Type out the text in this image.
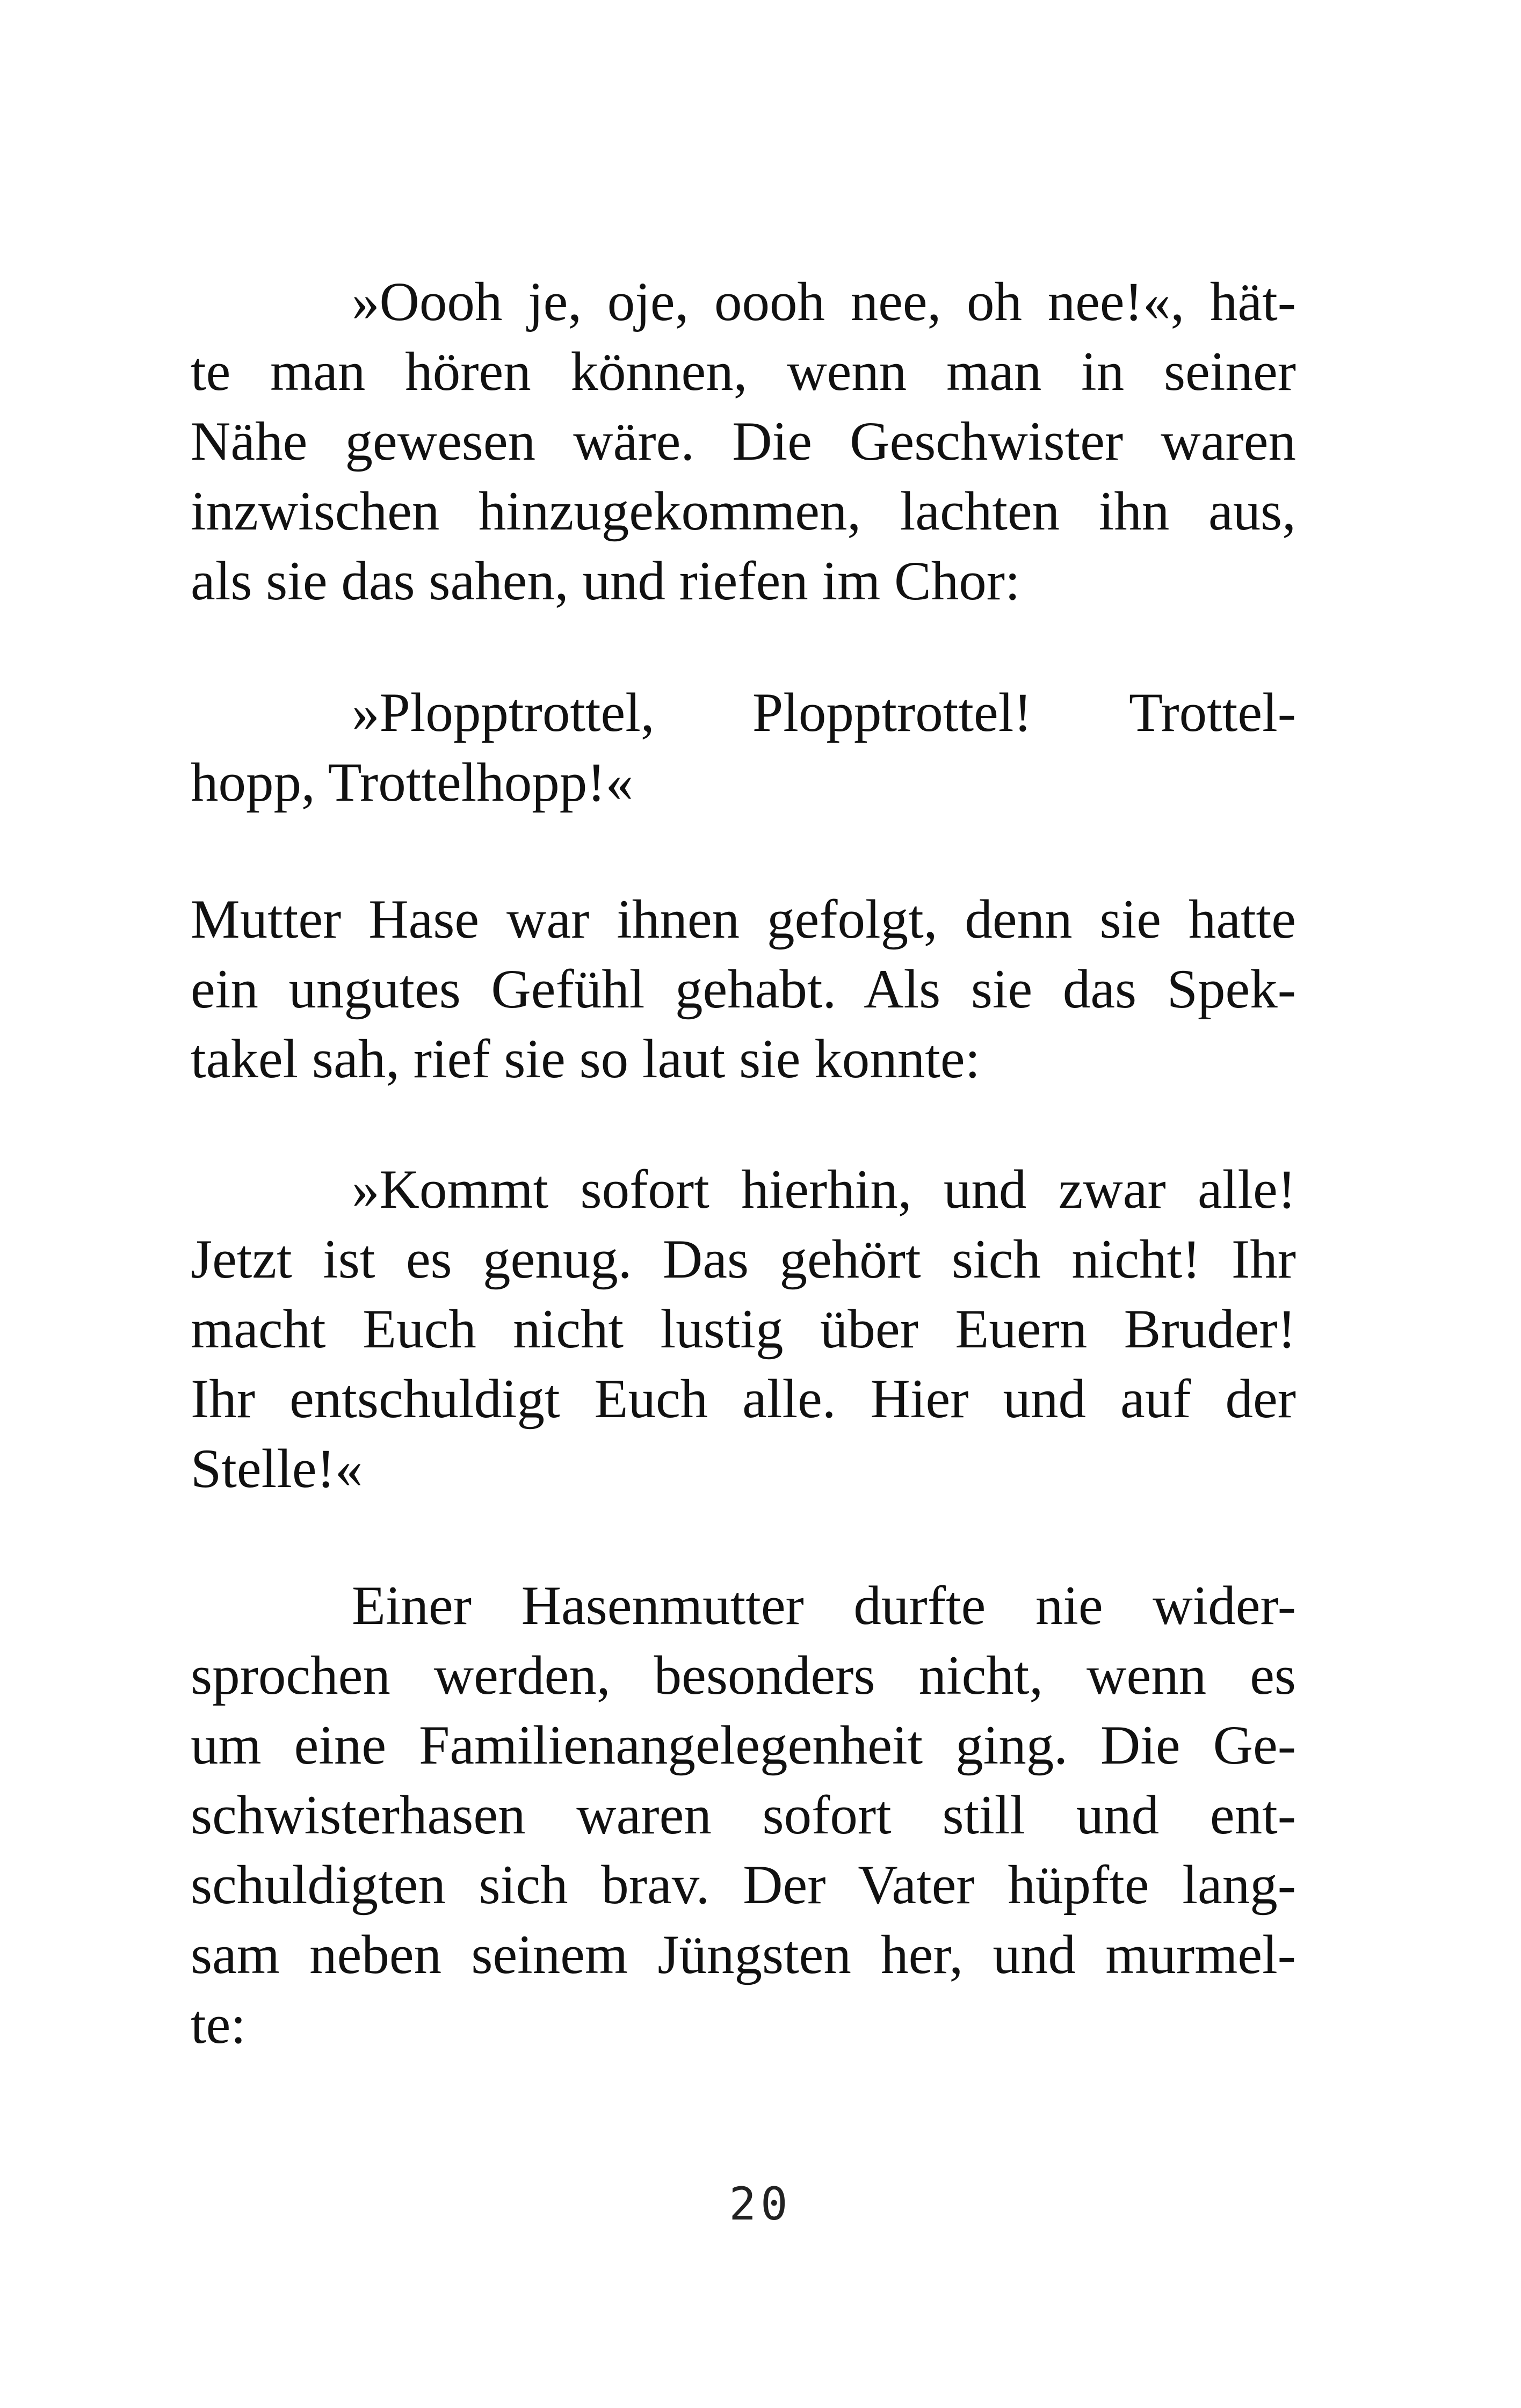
»Oooh je, oje, oooh nee, oh nee!«, hät-
te man hören können, wenn man in seiner
Nähe gewesen wäre. Die Geschwister waren
inzwischen hinzugekommen, lachten ihn aus,
als sie das sahen, und riefen im Chor:
»Plopptrottel, Plopptrottel! Trottel-
hopp, Trottelhopp!«
Mutter Hase war ihnen gefolgt, denn sie hatte
ein ungutes Gefühl gehabt. Als sie das Spek-
takel sah, rief sie so laut sie konnte:
»Kommt sofort hierhin, und zwar alle!
Jetzt ist es genug. Das gehört sich nicht! Ihr
macht Euch nicht lustig über Euern Bruder!
Ihr entschuldigt Euch alle. Hier und auf der
Stelle!«
Einer Hasenmutter durfte nie wider-
sprochen werden, besonders nicht, wenn es
um eine Familienangelegenheit ging. Die Ge-
schwisterhasen waren sofort still und ent-
schuldigten sich brav. Der Vater hüpfte lang-
sam neben seinem Jüngsten her, und murmel-
te:
20
